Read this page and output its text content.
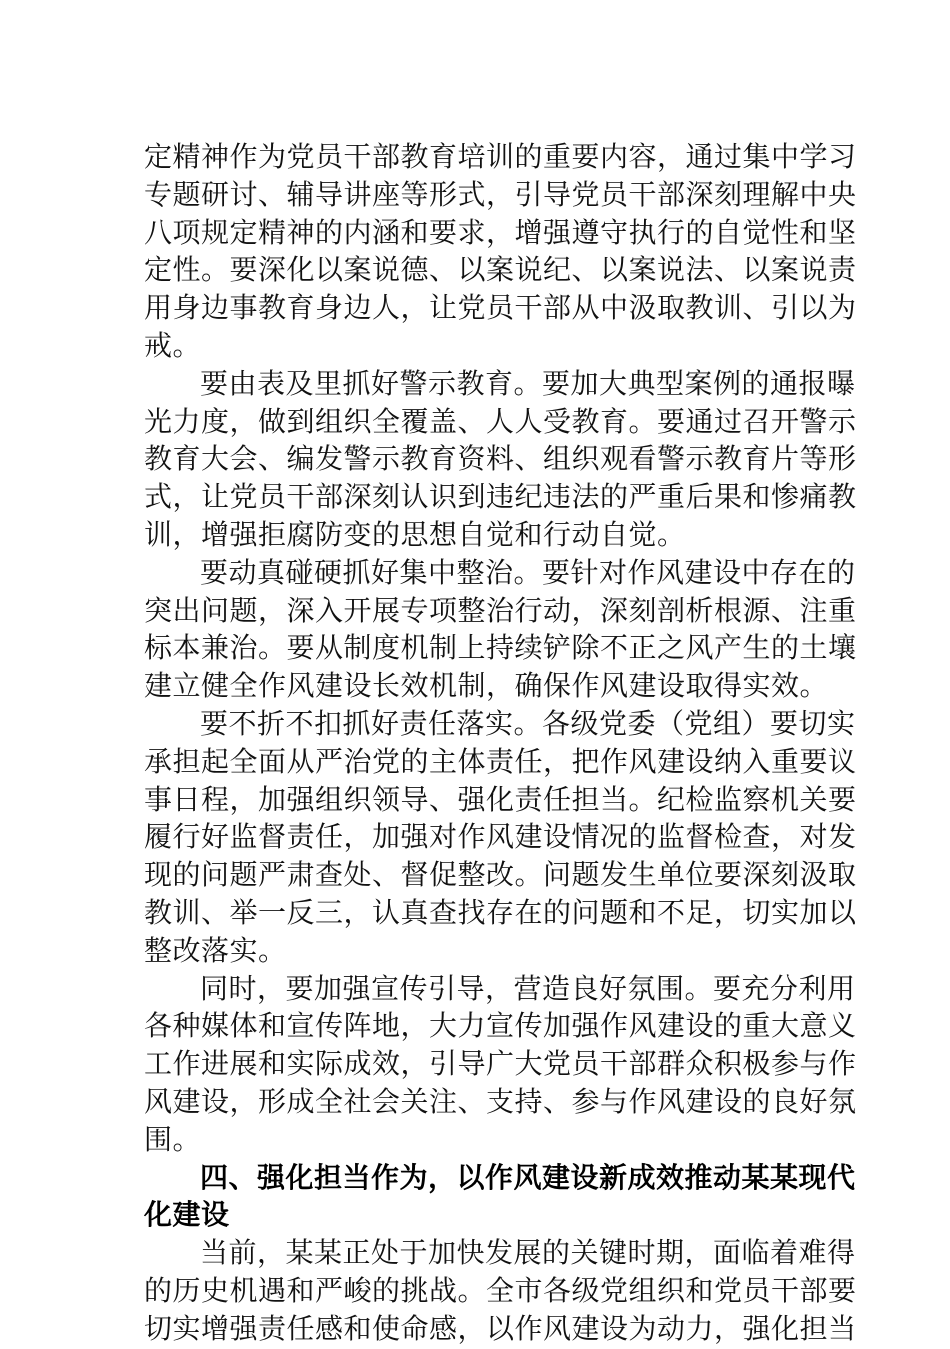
定精神作为党员干部教育培训的重要内容，通过集中学习
专题研讨、辅导讲座等形式，引导党员干部深刻理解中央
八项规定精神的内涵和要求，增强遵守执行的自觉性和坚
定性。要深化以案说德、以案说纪、以案说法、以案说责
用身边事教育身边人，让党员干部从中汲取教训、引以为
戒。
要由表及里抓好警示教育。要加大典型案例的通报曝
光力度，做到组织全覆盖、人人受教育。要通过召开警示
教育大会、编发警示教育资料、组织观看警示教育片等形
式，让党员干部深刻认识到违纪违法的严重后果和惨痛教
训，增强拒腐防变的思想自觉和行动自觉。
要动真碰硬抓好集中整治。要针对作风建设中存在的
突出问题，深入开展专项整治行动，深刻剖析根源、注重
标本兼治。要从制度机制上持续铲除不正之风产生的土壤
建立健全作风建设长效机制，确保作风建设取得实效。
要不折不扣抓好责任落实。各级党委（党组）要切实
承担起全面从严治党的主体责任，把作风建设纳入重要议
事日程，加强组织领导、强化责任担当。纪检监察机关要
履行好监督责任，加强对作风建设情况的监督检查，对发
现的问题严肃查处、督促整改。问题发生单位要深刻汲取
教训、举一反三，认真查找存在的问题和不足，切实加以
整改落实。
同时，要加强宣传引导，营造良好氛围。要充分利用
各种媒体和宣传阵地，大力宣传加强作风建设的重大意义
工作进展和实际成效，引导广大党员干部群众积极参与作
风建设，形成全社会关注、支持、参与作风建设的良好氛
围。
四、强化担当作为，以作风建设新成效推动某某现代
化建设
当前，某某正处于加快发展的关键时期，面临着难得
的历史机遇和严峻的挑战。全市各级党组织和党员干部要
切实增强责任感和使命感，以作风建设为动力，强化担当
